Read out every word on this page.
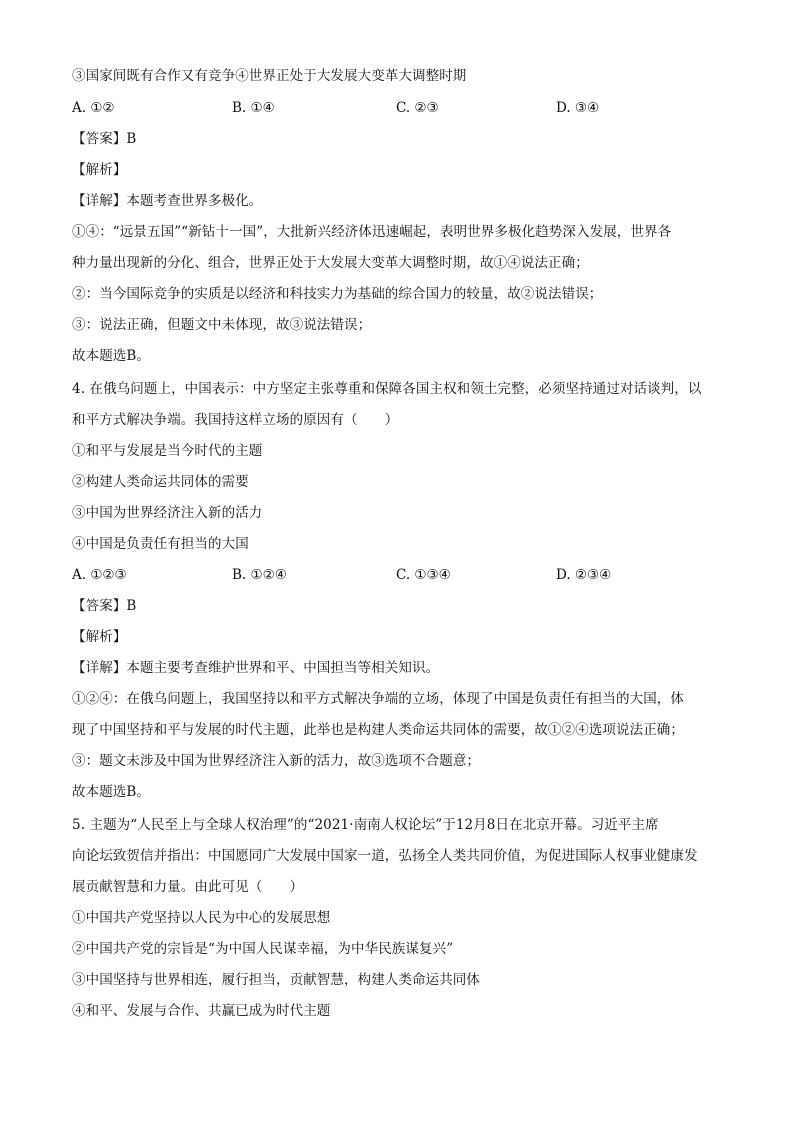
③国家间既有合作又有竞争④世界正处于大发展大变革大调整时期
A. ①②	B. ①④	C. ②③	D. ③④
【答案】B
【解析】
【详解】本题考查世界多极化。
①④：“远景五国”“新钻十一国”，大批新兴经济体迅速崛起，表明世界多极化趋势深入发展，世界各
种力量出现新的分化、组合，世界正处于大发展大变革大调整时期，故①④说法正确；
②：当今国际竞争的实质是以经济和科技实力为基础的综合国力的较量，故②说法错误；
③：说法正确，但题文中未体现，故③说法错误；
故本题选B。
4. 在俄乌问题上，中国表示：中方坚定主张尊重和保障各国主权和领土完整，必须坚持通过对话谈判，以
和平方式解决争端。我国持这样立场的原因有（　　）
①和平与发展是当今时代的主题
②构建人类命运共同体的需要
③中国为世界经济注入新的活力
④中国是负责任有担当的大国
A. ①②③	B. ①②④	C. ①③④	D. ②③④
【答案】B
【解析】
【详解】本题主要考查维护世界和平、中国担当等相关知识。
①②④：在俄乌问题上，我国坚持以和平方式解决争端的立场，体现了中国是负责任有担当的大国，体
现了中国坚持和平与发展的时代主题，此举也是构建人类命运共同体的需要，故①②④选项说法正确；
③：题文未涉及中国为世界经济注入新的活力，故③选项不合题意；
故本题选B。
5. 主题为“人民至上与全球人权治理”的“2021·南南人权论坛”于12月8日在北京开幕。习近平主席
向论坛致贺信并指出：中国愿同广大发展中国家一道，弘扬全人类共同价值，为促进国际人权事业健康发
展贡献智慧和力量。由此可见（　　）
①中国共产党坚持以人民为中心的发展思想
②中国共产党的宗旨是“为中国人民谋幸福，为中华民族谋复兴”
③中国坚持与世界相连，履行担当，贡献智慧，构建人类命运共同体
④和平、发展与合作、共赢已成为时代主题
